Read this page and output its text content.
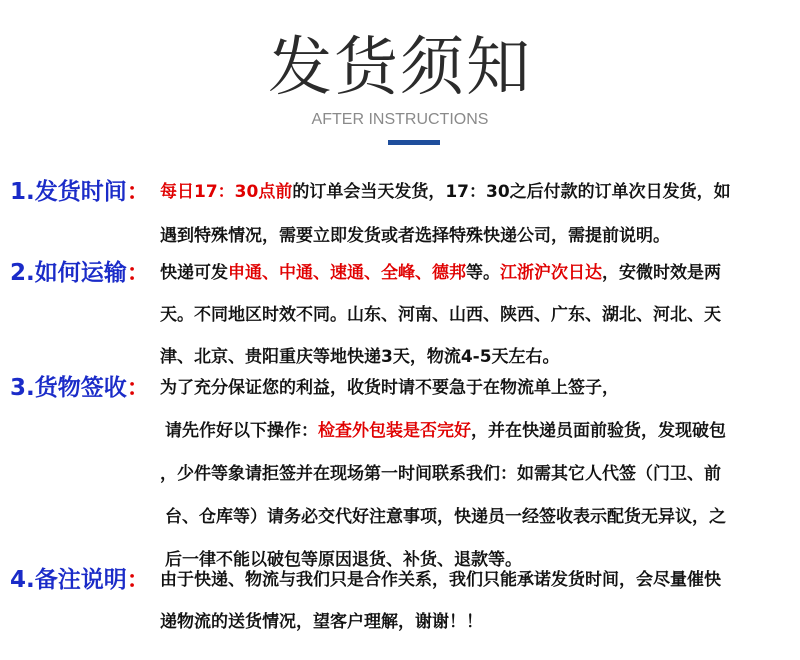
发货须知
AFTER INSTRUCTIONS
1.发货时间： 每日17：30点前的订单会当天发货，17：30之后付款的订单次日发货，如
遇到特殊情况，需要立即发货或者选择特殊快递公司，需提前说明。
2.如何运输： 快递可发申通、中通、速通、全峰、德邦等。江浙沪次日达，安微时效是两
天。不同地区时效不同。山东、河南、山西、陕西、广东、湖北、河北、天
津、北京、贵阳重庆等地快递3天，物流4-5天左右。
3.货物签收： 为了充分保证您的利益，收货时请不要急于在物流单上签子，
请先作好以下操作：检查外包装是否完好，并在快递员面前验货，发现破包
，少件等象请拒签并在现场第一时间联系我们：如需其它人代签（门卫、前
台、仓库等）请务必交代好注意事项，快递员一经签收表示配货无异议，之
后一律不能以破包等原因退货、补货、退款等。
4.备注说明： 由于快递、物流与我们只是合作关系，我们只能承诺发货时间，会尽量催快
递物流的送货情况，望客户理解，谢谢！！
